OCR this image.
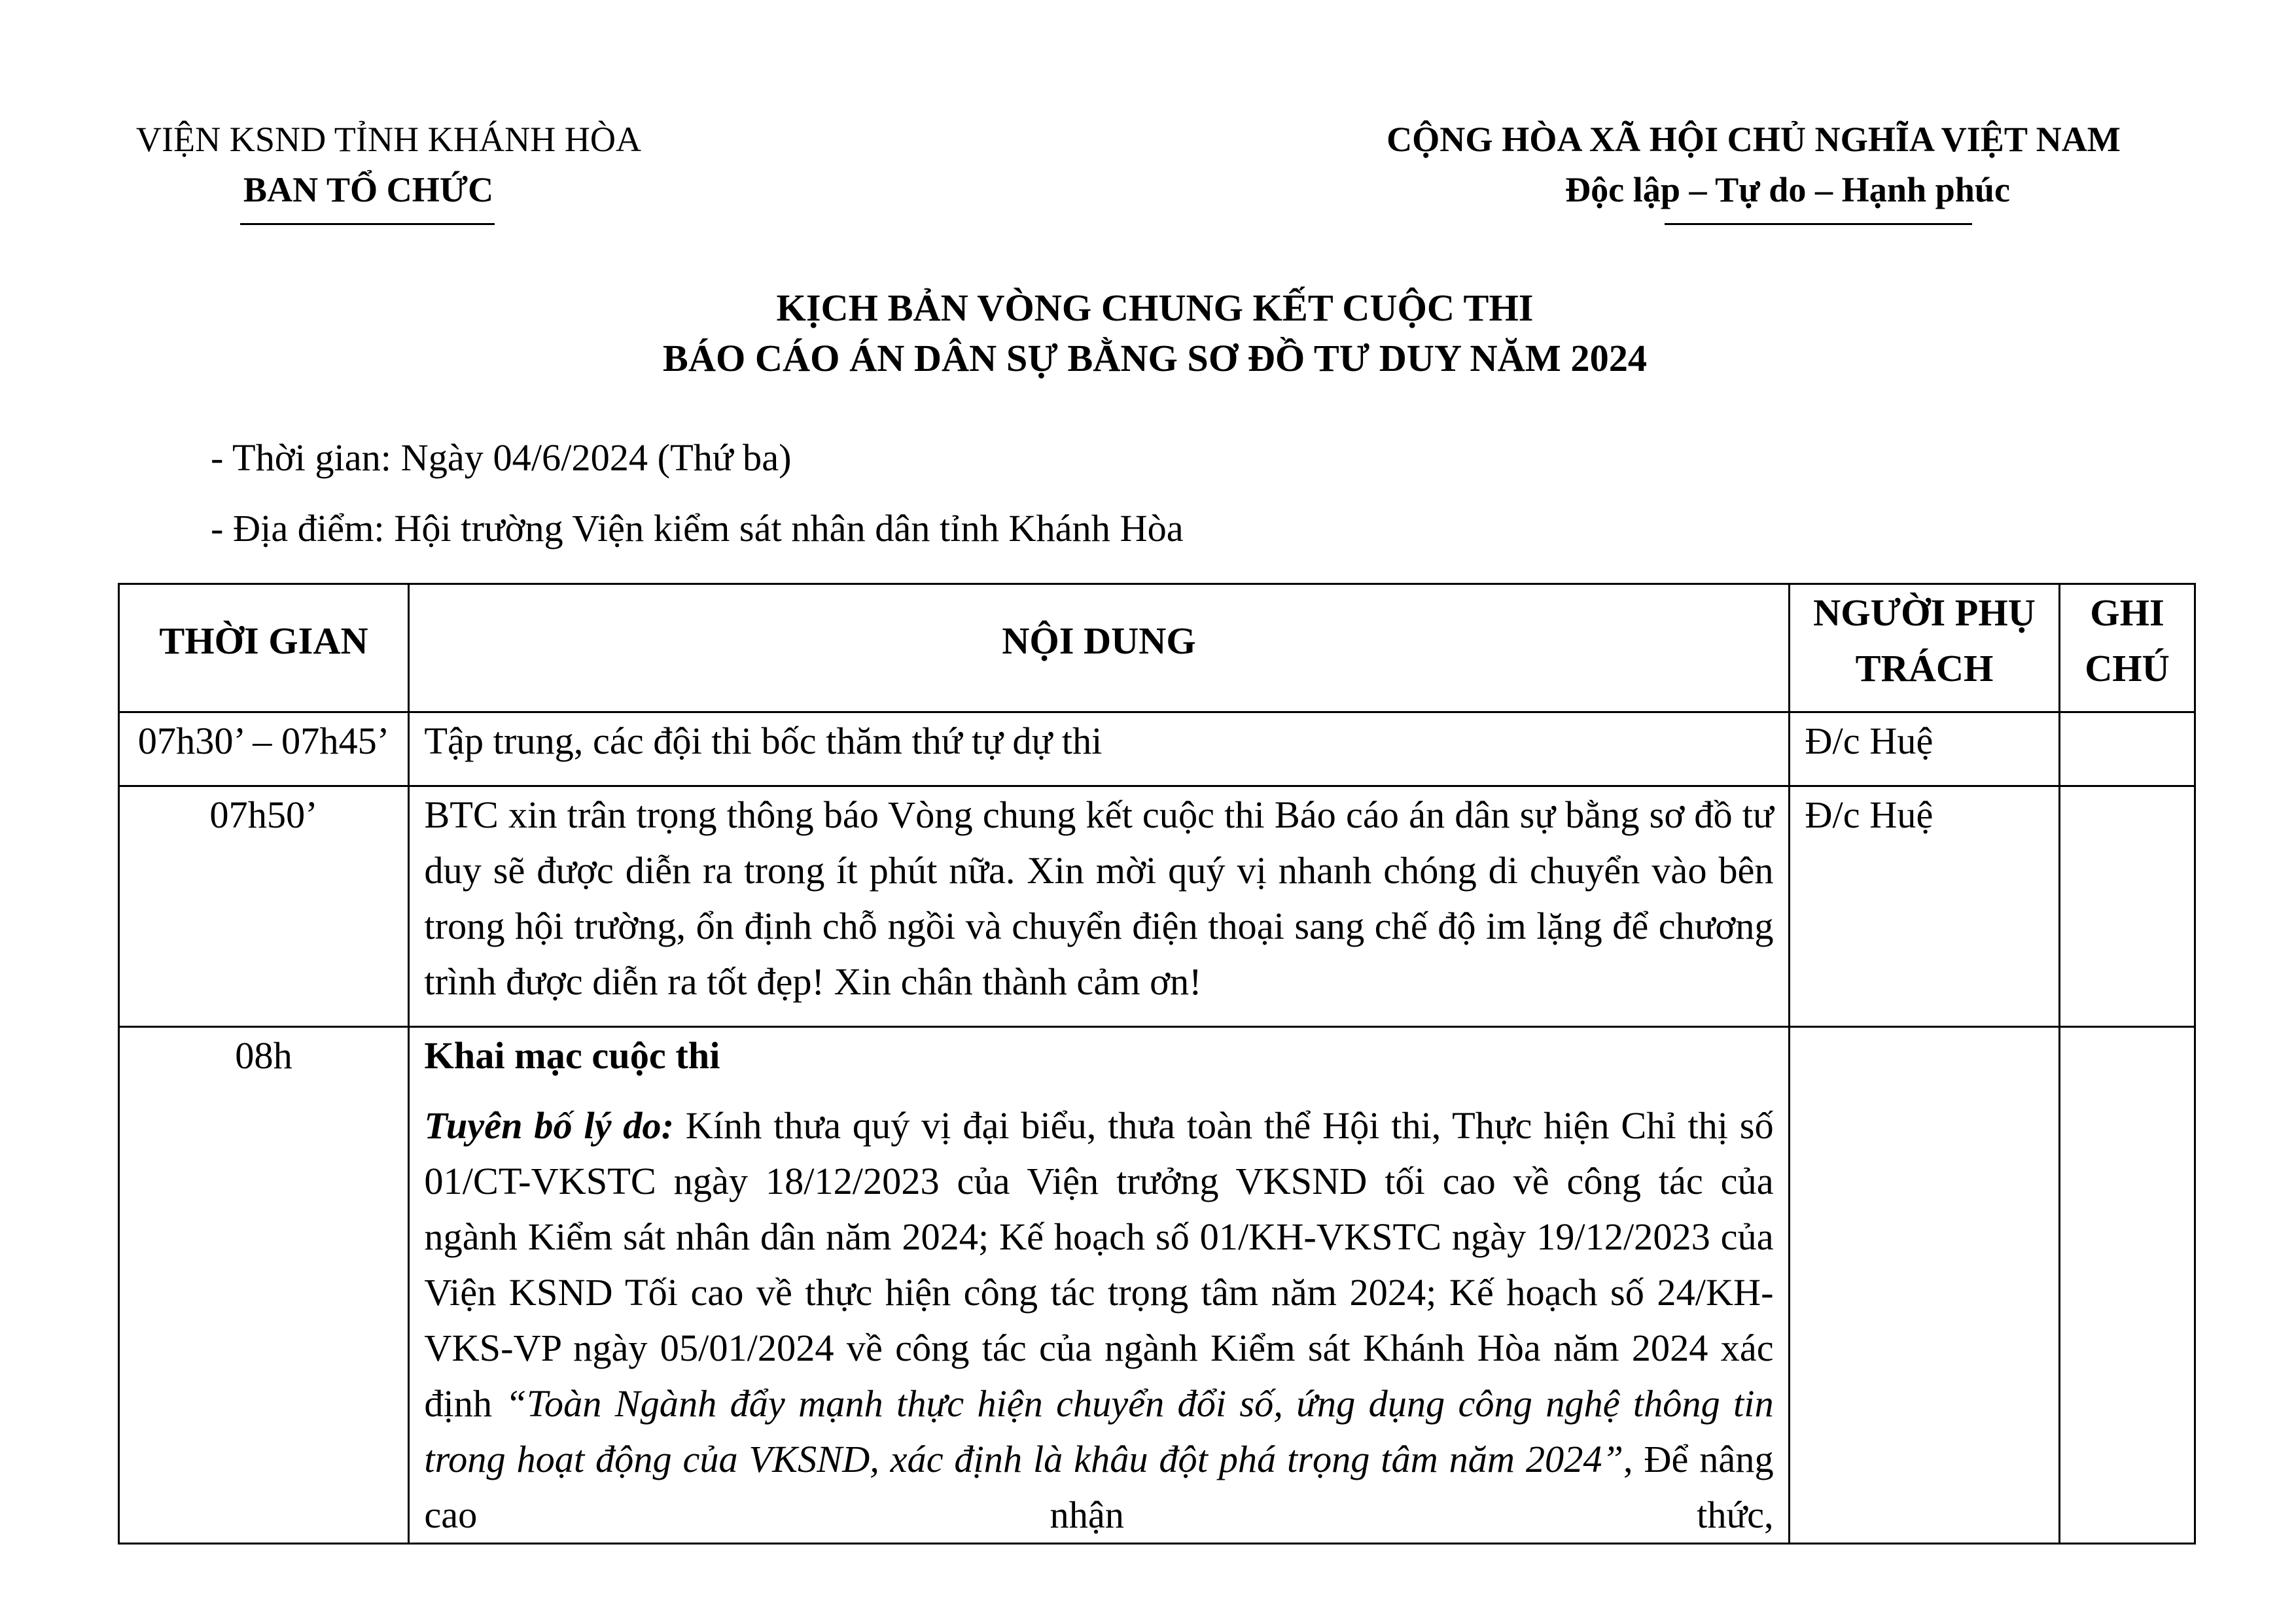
VIỆN KSND TỈNH KHÁNH HÒA
BAN TỔ CHỨC
CỘNG HÒA XÃ HỘI CHỦ NGHĨA VIỆT NAM
Độc lập – Tự do – Hạnh phúc
KỊCH BẢN VÒNG CHUNG KẾT CUỘC THI
BÁO CÁO ÁN DÂN SỰ BẰNG SƠ ĐỒ TƯ DUY NĂM 2024
- Thời gian: Ngày 04/6/2024 (Thứ ba)
- Địa điểm: Hội trường Viện kiểm sát nhân dân tỉnh Khánh Hòa
THỜI GIAN	NỘI DUNG	NGƯỜI PHỤ TRÁCH	GHI CHÚ
07h30’ – 07h45’	Tập trung, các đội thi bốc thăm thứ tự dự thi	Đ/c Huệ	
07h50’	BTC xin trân trọng thông báo Vòng chung kết cuộc thi Báo cáo án dân sự bằng sơ đồ tư duy sẽ được diễn ra trong ít phút nữa. Xin mời quý vị nhanh chóng di chuyển vào bên trong hội trường, ổn định chỗ ngồi và chuyển điện thoại sang chế độ im lặng để chương trình được diễn ra tốt đẹp! Xin chân thành cảm ơn!	Đ/c Huệ	
08h	Khai mạc cuộc thi

Tuyên bố lý do: Kính thưa quý vị đại biểu, thưa toàn thể Hội thi, Thực hiện Chỉ thị số 01/CT-VKSTC ngày 18/12/2023 của Viện trưởng VKSND tối cao về công tác của ngành Kiểm sát nhân dân năm 2024; Kế hoạch số 01/KH-VKSTC ngày 19/12/2023 của Viện KSND Tối cao về thực hiện công tác trọng tâm năm 2024; Kế hoạch số 24/KH-VKS-VP ngày 05/01/2024 về công tác của ngành Kiểm sát Khánh Hòa năm 2024 xác định “Toàn Ngành đẩy mạnh thực hiện chuyển đổi số, ứng dụng công nghệ thông tin trong hoạt động của VKSND, xác định là khâu đột phá trọng tâm năm 2024”, Để nâng cao nhận thức,		
